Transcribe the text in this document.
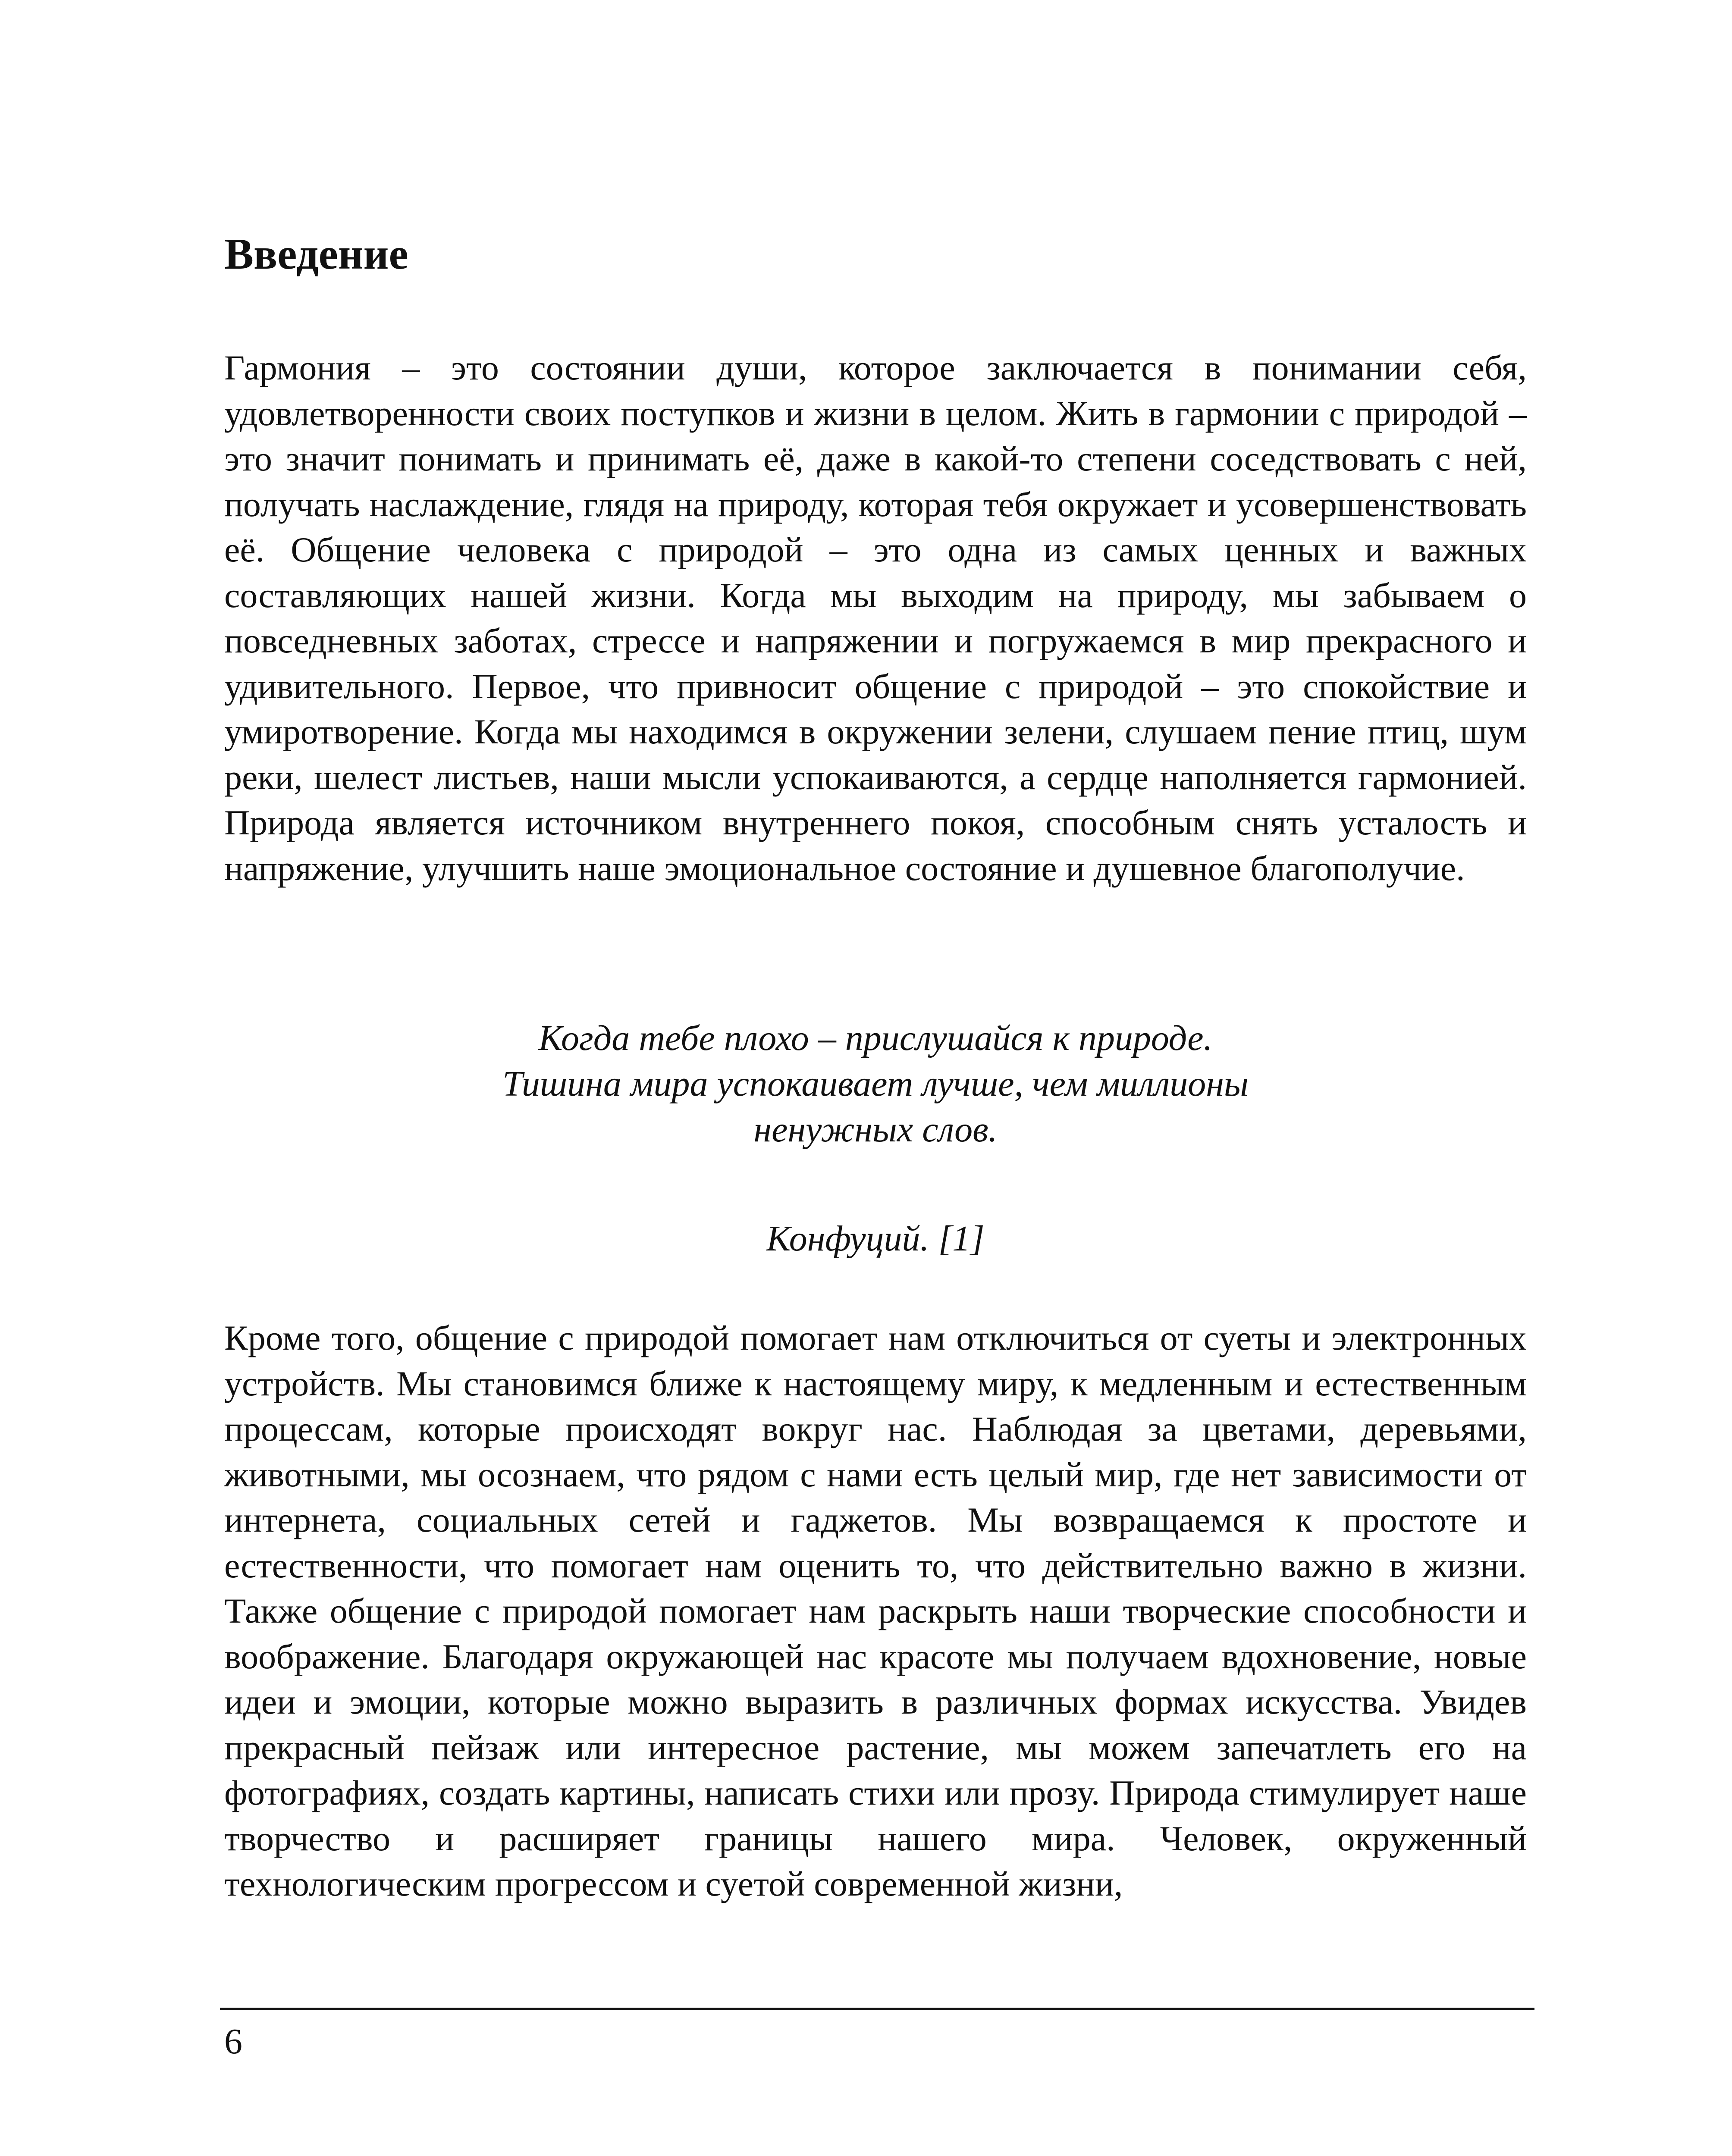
Введение

Гармония – это состоянии души, которое заключается в понимании себя, удовлетворенности своих поступков и жизни в целом. Жить в гармонии с природой – это значит понимать и принимать её, даже в какой-то степени соседствовать с ней, получать наслаждение, глядя на природу, которая тебя окружает и усовершенствовать её. Общение человека с природой – это одна из самых ценных и важных составляющих нашей жизни. Когда мы выходим на природу, мы забываем о повседневных заботах, стрессе и напряжении и погружаемся в мир прекрасного и удивительного. Первое, что привносит общение с природой – это спокойствие и умиротворение. Когда мы находимся в окружении зелени, слушаем пение птиц, шум реки, шелест листьев, наши мысли успокаиваются, а сердце наполняется гармонией. Природа является источником внутреннего покоя, способным снять усталость и напряжение, улучшить наше эмоциональное состояние и душевное благополучие.

Когда тебе плохо – прислушайся к природе.
Тишина мира успокаивает лучше, чем миллионы
ненужных слов.
Конфуций. [1]

Кроме того, общение с природой помогает нам отключиться от суеты и электронных устройств. Мы становимся ближе к настоящему миру, к медленным и естественным процессам, которые происходят вокруг нас. Наблюдая за цветами, деревьями, животными, мы осознаем, что рядом с нами есть целый мир, где нет зависимости от интернета, социальных сетей и гаджетов. Мы возвращаемся к простоте и естественности, что помогает нам оценить то, что действительно важно в жизни. Также общение с природой помогает нам раскрыть наши творческие способности и воображение. Благодаря окружающей нас красоте мы получаем вдохновение, новые идеи и эмоции, которые можно выразить в различных формах искусства. Увидев прекрасный пейзаж или интересное растение, мы можем запечатлеть его на фотографиях, создать картины, написать стихи или прозу. Природа стимулирует наше творчество и расширяет границы нашего мира. Человек, окруженный технологическим прогрессом и суетой современной жизни,

6
